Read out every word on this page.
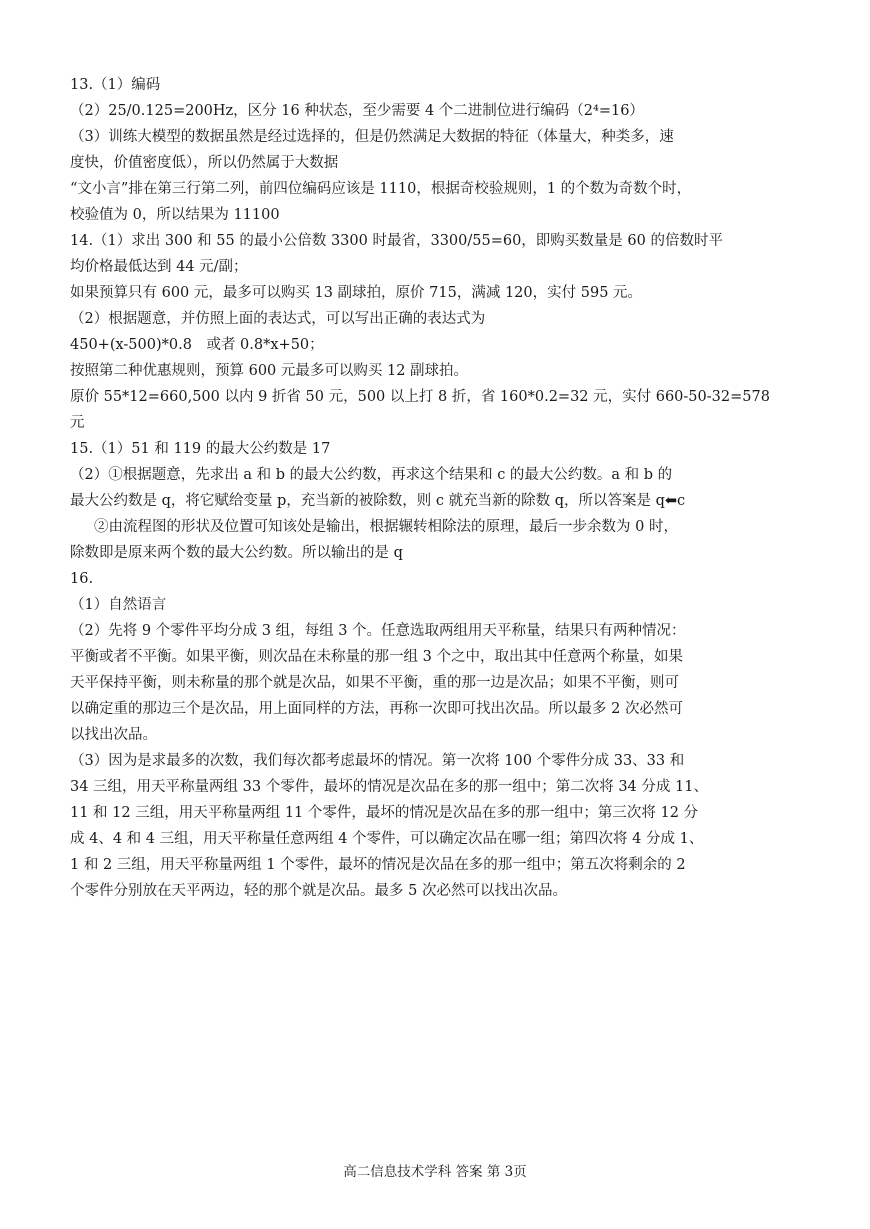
13.（1）编码
（2）25/0.125=200Hz，区分 16 种状态，至少需要 4 个二进制位进行编码（2⁴=16）
（3）训练大模型的数据虽然是经过选择的，但是仍然满足大数据的特征（体量大，种类多，速
度快，价值密度低），所以仍然属于大数据
“文小言”排在第三行第二列，前四位编码应该是 1110，根据奇校验规则，1 的个数为奇数个时，
校验值为 0，所以结果为 11100
14.（1）求出 300 和 55 的最小公倍数 3300 时最省，3300/55=60，即购买数量是 60 的倍数时平
均价格最低达到 44 元/副；
如果预算只有 600 元，最多可以购买 13 副球拍，原价 715，满减 120，实付 595 元。
（2）根据题意，并仿照上面的表达式，可以写出正确的表达式为
450+(x-500)*0.8　或者 0.8*x+50；
按照第二种优惠规则，预算 600 元最多可以购买 12 副球拍。
原价 55*12=660,500 以内 9 折省 50 元，500 以上打 8 折，省 160*0.2=32 元，实付 660-50-32=578
元
15.（1）51 和 119 的最大公约数是 17
（2）①根据题意，先求出 a 和 b 的最大公约数，再求这个结果和 c 的最大公约数。a 和 b 的
最大公约数是 q，将它赋给变量 p，充当新的被除数，则 c 就充当新的除数 q，所以答案是 q⬅c
②由流程图的形状及位置可知该处是输出，根据辗转相除法的原理，最后一步余数为 0 时，
除数即是原来两个数的最大公约数。所以输出的是 q
16.
（1）自然语言
（2）先将 9 个零件平均分成 3 组，每组 3 个。任意选取两组用天平称量，结果只有两种情况：
平衡或者不平衡。如果平衡，则次品在未称量的那一组 3 个之中，取出其中任意两个称量，如果
天平保持平衡，则未称量的那个就是次品，如果不平衡，重的那一边是次品；如果不平衡，则可
以确定重的那边三个是次品，用上面同样的方法，再称一次即可找出次品。所以最多 2 次必然可
以找出次品。
（3）因为是求最多的次数，我们每次都考虑最坏的情况。第一次将 100 个零件分成 33、33 和
34 三组，用天平称量两组 33 个零件，最坏的情况是次品在多的那一组中；第二次将 34 分成 11、
11 和 12 三组，用天平称量两组 11 个零件，最坏的情况是次品在多的那一组中；第三次将 12 分
成 4、4 和 4 三组，用天平称量任意两组 4 个零件，可以确定次品在哪一组；第四次将 4 分成 1、
1 和 2 三组，用天平称量两组 1 个零件，最坏的情况是次品在多的那一组中；第五次将剩余的 2
个零件分别放在天平两边，轻的那个就是次品。最多 5 次必然可以找出次品。
高二信息技术学科 答案 第 3页
